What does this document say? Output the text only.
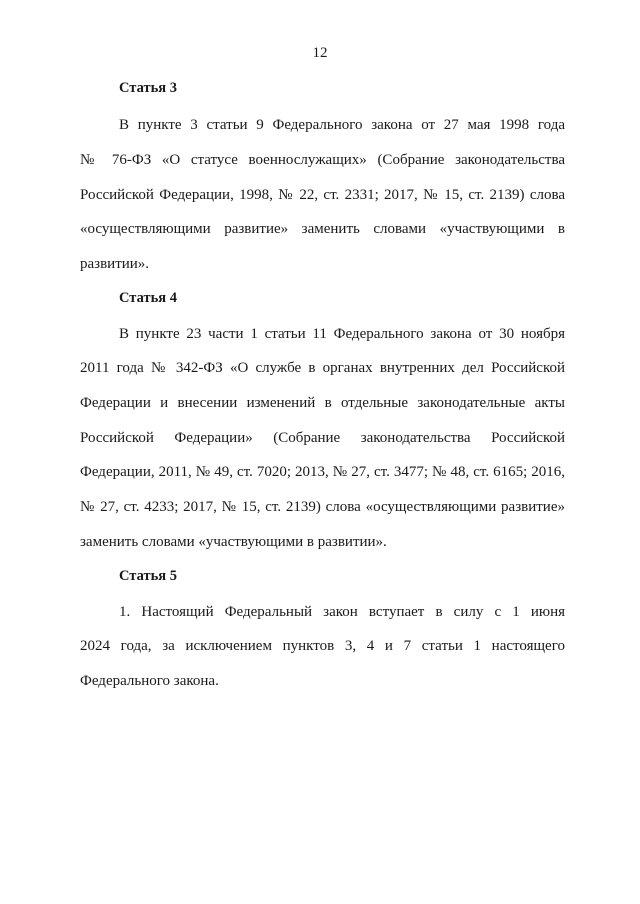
12
Статья 3
В пункте 3 статьи 9 Федерального закона от 27 мая 1998 года
№ 76-ФЗ «О статусе военнослужащих» (Собрание законодательства
Российской Федерации, 1998, № 22, ст. 2331; 2017, № 15, ст. 2139) слова
«осуществляющими развитие» заменить словами «участвующими в
развитии».
Статья 4
В пункте 23 части 1 статьи 11 Федерального закона от 30 ноября
2011 года № 342-ФЗ «О службе в органах внутренних дел Российской
Федерации и внесении изменений в отдельные законодательные акты
Российской Федерации» (Собрание законодательства Российской
Федерации, 2011, № 49, ст. 7020; 2013, № 27, ст. 3477; № 48, ст. 6165; 2016,
№ 27, ст. 4233; 2017, № 15, ст. 2139) слова «осуществляющими развитие»
заменить словами «участвующими в развитии».
Статья 5
1. Настоящий Федеральный закон вступает в силу с 1 июня
2024 года, за исключением пунктов 3, 4 и 7 статьи 1 настоящего
Федерального закона.
